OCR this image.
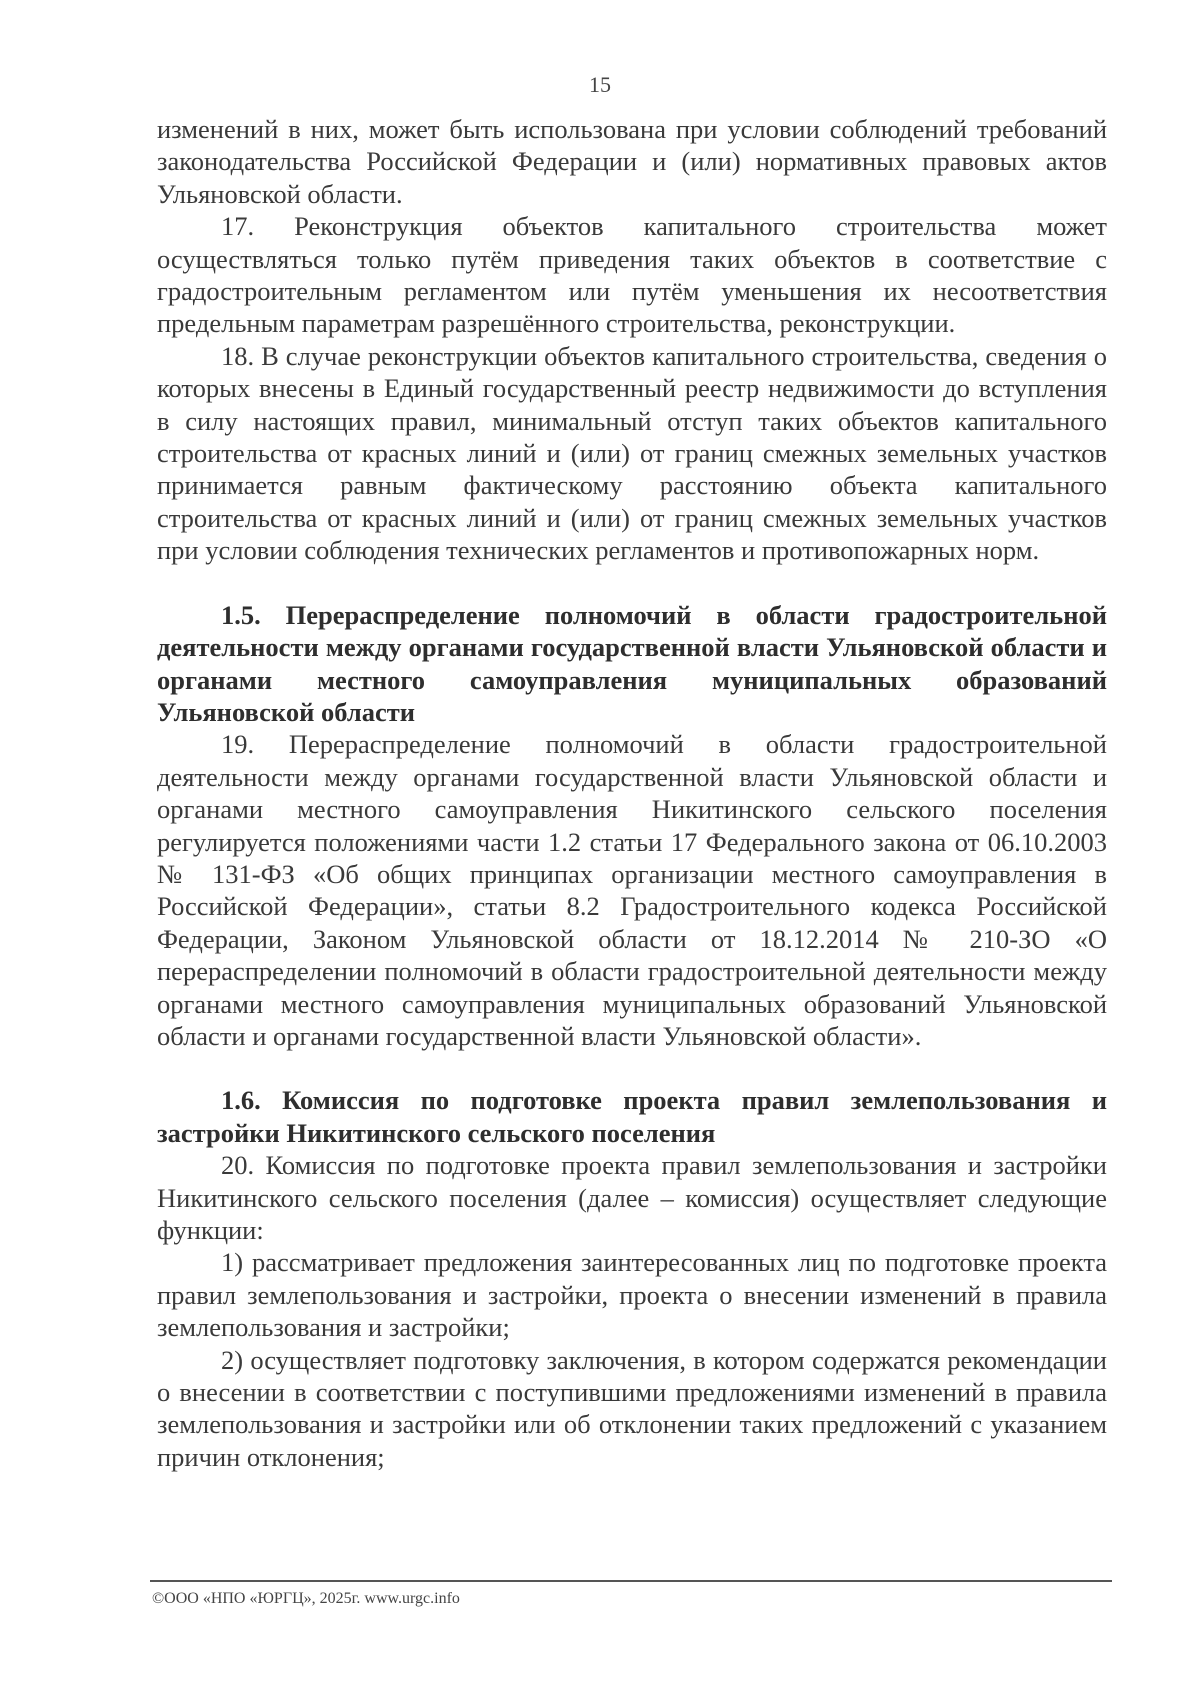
15

изменений в них, может быть использована при условии соблюдений требований законодательства Российской Федерации и (или) нормативных правовых актов Ульяновской области.

17. Реконструкция объектов капитального строительства может осуществляться только путём приведения таких объектов в соответствие с градостроительным регламентом или путём уменьшения их несоответствия предельным параметрам разрешённого строительства, реконструкции.

18. В случае реконструкции объектов капитального строительства, сведения о которых внесены в Единый государственный реестр недвижимости до вступления в силу настоящих правил, минимальный отступ таких объектов капитального строительства от красных линий и (или) от границ смежных земельных участков принимается равным фактическому расстоянию объекта капитального строительства от красных линий и (или) от границ смежных земельных участков при условии соблюдения технических регламентов и противопожарных норм.

1.5. Перераспределение полномочий в области градостроительной деятельности между органами государственной власти Ульяновской области и органами местного самоуправления муниципальных образований Ульяновской области

19. Перераспределение полномочий в области градостроительной деятельности между органами государственной власти Ульяновской области и органами местного самоуправления Никитинского сельского поселения регулируется положениями части 1.2 статьи 17 Федерального закона от 06.10.2003 № 131-ФЗ «Об общих принципах организации местного самоуправления в Российской Федерации», статьи 8.2 Градостроительного кодекса Российской Федерации, Законом Ульяновской области от 18.12.2014 № 210-ЗО «О перераспределении полномочий в области градостроительной деятельности между органами местного самоуправления муниципальных образований Ульяновской области и органами государственной власти Ульяновской области».

1.6. Комиссия по подготовке проекта правил землепользования и застройки Никитинского сельского поселения

20. Комиссия по подготовке проекта правил землепользования и застройки Никитинского сельского поселения (далее – комиссия) осуществляет следующие функции:

1) рассматривает предложения заинтересованных лиц по подготовке проекта правил землепользования и застройки, проекта о внесении изменений в правила землепользования и застройки;

2) осуществляет подготовку заключения, в котором содержатся рекомендации о внесении в соответствии с поступившими предложениями изменений в правила землепользования и застройки или об отклонении таких предложений с указанием причин отклонения;

©ООО «НПО «ЮРГЦ», 2025г. www.urgc.info
